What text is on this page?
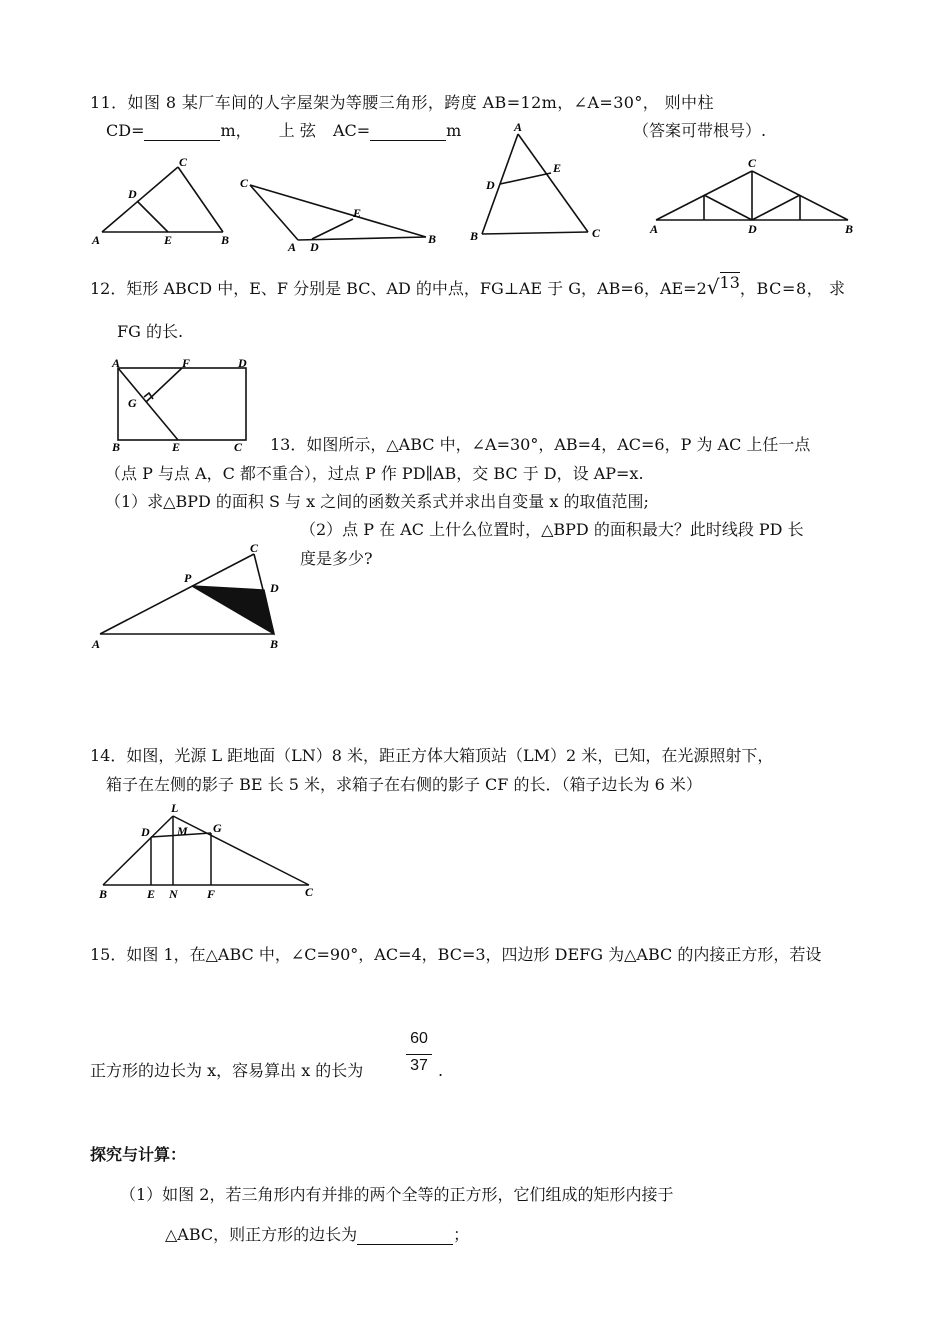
11．如图 8 某厂车间的人字屋架为等腰三角形，跨度 AB=12m，∠A=30°， 则中柱
CD=	m， 上 弦 AC=	m	（答案可带根号）.
A	B
C
D
E
C
A D
E
B
A
D
E
B	C
C
A	D	B
12．矩形 ABCD 中，E、F 分别是 BC、AD 的中点，FG⊥AE 于 G，AB=6，AE=2√13，BC=8， 求
FG 的长.
A	F	D
G
B	E	C 13．如图所示，△ABC 中，∠A=30°，AB=4，AC=6，P 为 AC 上任一点
（点 P 与点 A，C 都不重合），过点 P 作 PD∥AB，交 BC 于 D，设 AP=x.
（1）求△BPD 的面积 S 与 x 之间的函数关系式并求出自变量 x 的取值范围;
（2）点 P 在 AC 上什么位置时，△BPD 的面积最大？此时线段 PD 长
度是多少?
C
P
D
A	B
14．如图，光源 L 距地面（LN）8 米，距正方体大箱顶站（LM）2 米，已知，在光源照射下，
箱子在左侧的影子 BE 长 5 米，求箱子在右侧的影子 CF 的长．（箱子边长为 6 米）
L
D M G
B	E N F	C
15．如图 1，在△ABC 中，∠C=90°，AC=4，BC=3，四边形 DEFG 为△ABC 的内接正方形，若设
正方形的边长为 x，容易算出 x 的长为
60
37 .
探究与计算：
（1）如图 2，若三角形内有并排的两个全等的正方形，它们组成的矩形内接于
△ABC，则正方形的边长为	；
